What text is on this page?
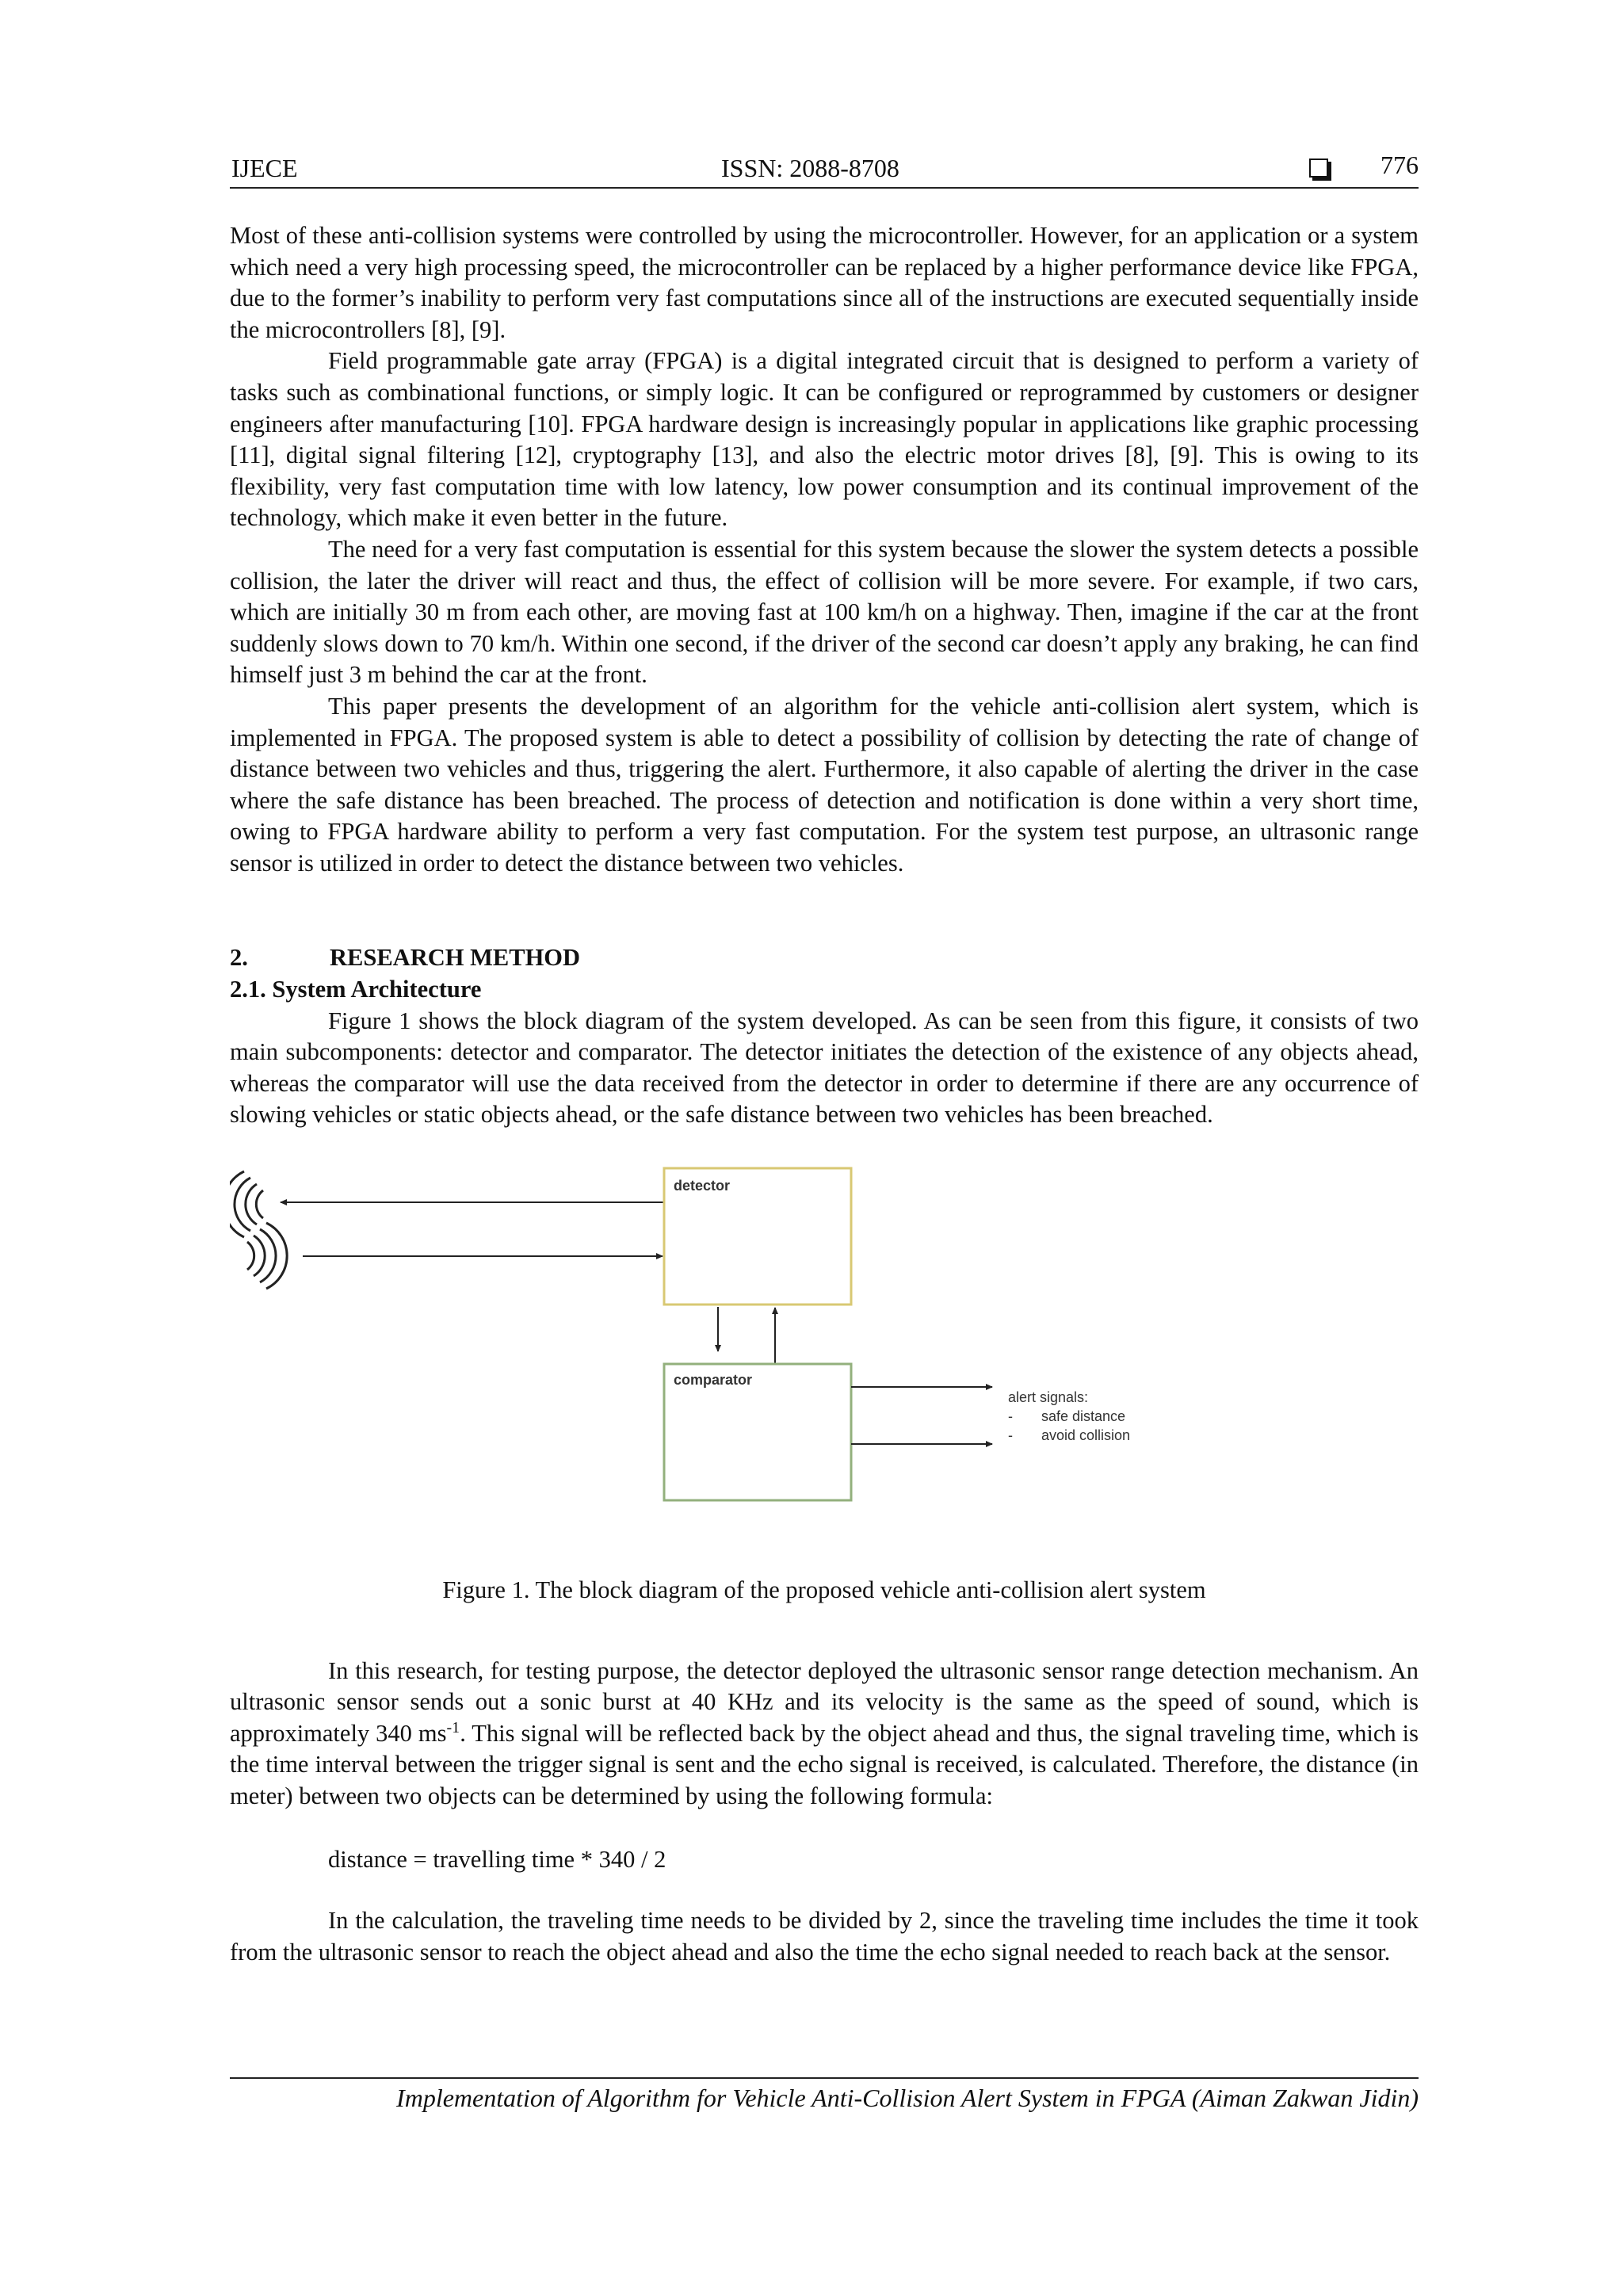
IJECE	ISSN: 2088-8708	776

Most of these anti-collision systems were controlled by using the microcontroller. However, for an application or a system which need a very high processing speed, the microcontroller can be replaced by a higher performance device like FPGA, due to the former’s inability to perform very fast computations since all of the instructions are executed sequentially inside the microcontrollers [8], [9].

Field programmable gate array (FPGA) is a digital integrated circuit that is designed to perform a variety of tasks such as combinational functions, or simply logic. It can be configured or reprogrammed by customers or designer engineers after manufacturing [10]. FPGA hardware design is increasingly popular in applications like graphic processing [11], digital signal filtering [12], cryptography [13], and also the electric motor drives [8], [9]. This is owing to its flexibility, very fast computation time with low latency, low power consumption and its continual improvement of the technology, which make it even better in the future.

The need for a very fast computation is essential for this system because the slower the system detects a possible collision, the later the driver will react and thus, the effect of collision will be more severe. For example, if two cars, which are initially 30 m from each other, are moving fast at 100 km/h on a highway. Then, imagine if the car at the front suddenly slows down to 70 km/h. Within one second, if the driver of the second car doesn’t apply any braking, he can find himself just 3 m behind the car at the front.

This paper presents the development of an algorithm for the vehicle anti-collision alert system, which is implemented in FPGA. The proposed system is able to detect a possibility of collision by detecting the rate of change of distance between two vehicles and thus, triggering the alert. Furthermore, it also capable of alerting the driver in the case where the safe distance has been breached. The process of detection and notification is done within a very short time, owing to FPGA hardware ability to perform a very fast computation. For the system test purpose, an ultrasonic range sensor is utilized in order to detect the distance between two vehicles.

2.	RESEARCH METHOD

2.1. System Architecture

Figure 1 shows the block diagram of the system developed. As can be seen from this figure, it consists of two main subcomponents: detector and comparator. The detector initiates the detection of the existence of any objects ahead, whereas the comparator will use the data received from the detector in order to determine if there are any occurrence of slowing vehicles or static objects ahead, or the safe distance between two vehicles has been breached.

detector
comparator
alert signals:
- safe distance
- avoid collision

Figure 1. The block diagram of the proposed vehicle anti-collision alert system

In this research, for testing purpose, the detector deployed the ultrasonic sensor range detection mechanism. An ultrasonic sensor sends out a sonic burst at 40 KHz and its velocity is the same as the speed of sound, which is approximately 340 $ms^{-1}$. This signal will be reflected back by the object ahead and thus, the signal traveling time, which is the time interval between the trigger signal is sent and the echo signal is received, is calculated. Therefore, the distance (in meter) between two objects can be determined by using the following formula:

distance = travelling time * 340 / 2

In the calculation, the traveling time needs to be divided by 2, since the traveling time includes the time it took from the ultrasonic sensor to reach the object ahead and also the time the echo signal needed to reach back at the sensor.

Implementation of Algorithm for Vehicle Anti-Collision Alert System in FPGA (Aiman Zakwan Jidin)
